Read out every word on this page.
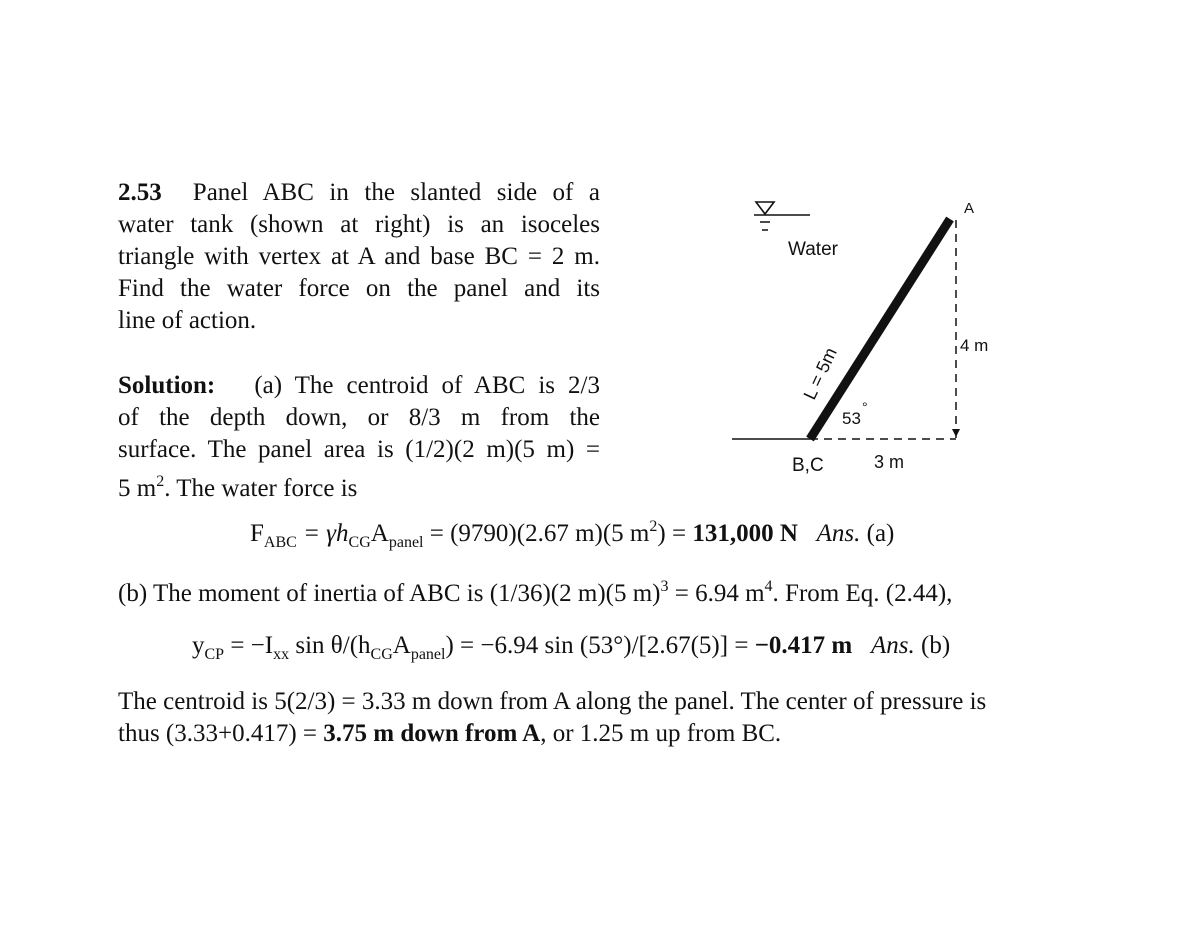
2.53 Panel ABC in the slanted side of a
water tank (shown at right) is an isoceles
triangle with vertex at A and base BC = 2 m.
Find the water force on the panel and its
line of action.
Solution: (a) The centroid of ABC is 2/3
of the depth down, or 8/3 m from the
surface. The panel area is (1/2)(2 m)(5 m) =
5 $m^2$. The water force is
Water
A
4 m
L = 5m
53
°
B,C	3 m
$F_{ABC} = \gamma h_{CG}A_{panel} = (9790)(2.67$ m)(5 $m^2) = 131,000$ N Ans. (a)
(b) The moment of inertia of ABC is (1/36)(2 m)(5 m)$^3$ = 6.94 $m^4$. From Eq. (2.44),
$y_{CP} = -I_{xx}$ $\sin \theta/(h_{CG}A_{panel}) = -6.94$ sin (53°)/[2.67(5)] = −0.417 m Ans. (b)
The centroid is 5(2/3) = 3.33 m down from A along the panel. The center of pressure is
thus (3.33+0.417) = 3.75 m down from A, or 1.25 m up from BC.
